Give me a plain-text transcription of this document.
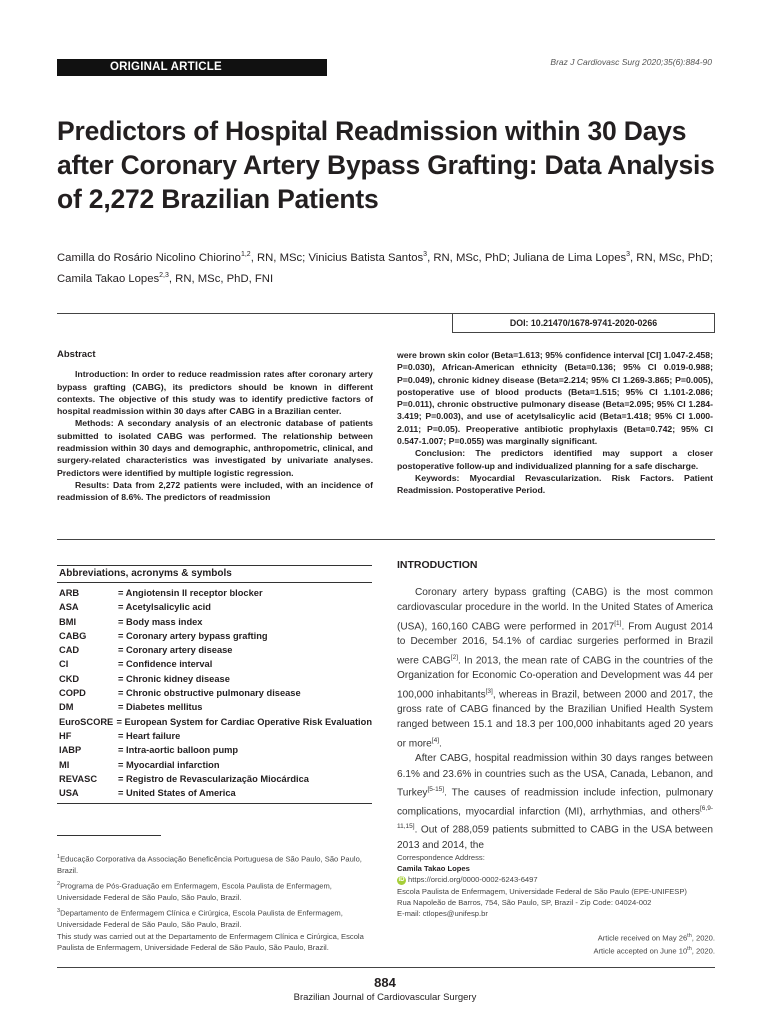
ORIGINAL ARTICLE	Braz J Cardiovasc Surg 2020;35(6):884-90
Predictors of Hospital Readmission within 30 Days after Coronary Artery Bypass Grafting: Data Analysis of 2,272 Brazilian Patients
Camilla do Rosário Nicolino Chiorino$^{1,2}$, RN, MSc; Vinicius Batista Santos$^3$, RN, MSc, PhD; Juliana de Lima Lopes$^3$, RN, MSc, PhD; Camila Takao Lopes$^{2,3}$, RN, MSc, PhD, FNI
DOI: 10.21470/1678-9741-2020-0266

Abstract

Introduction: In order to reduce readmission rates after coronary artery bypass grafting (CABG), its predictors should be known in different contexts. The objective of this study was to identify predictive factors of hospital readmission within 30 days after CABG in a Brazilian center.

Methods: A secondary analysis of an electronic database of patients submitted to isolated CABG was performed. The relationship between readmission within 30 days and demographic, anthropometric, clinical, and surgery-related characteristics was investigated by univariate analyses. Predictors were identified by multiple logistic regression.

Results: Data from 2,272 patients were included, with an incidence of readmission of 8.6%. The predictors of readmission

were brown skin color (Beta=1.613; 95% confidence interval [CI] 1.047-2.458; P=0.030), African-American ethnicity (Beta=0.136; 95% CI 0.019-0.988; P=0.049), chronic kidney disease (Beta=2.214; 95% CI 1.269-3.865; P=0.005), postoperative use of blood products (Beta=1.515; 95% CI 1.101-2.086; P=0.011), chronic obstructive pulmonary disease (Beta=2.095; 95% CI 1.284-3.419; P=0.003), and use of acetylsalicylic acid (Beta=1.418; 95% CI 1.000-2.011; P=0.05). Preoperative antibiotic prophylaxis (Beta=0.742; 95% CI 0.547-1.007; P=0.055) was marginally significant.

Conclusion: The predictors identified may support a closer postoperative follow-up and individualized planning for a safe discharge.

Keywords: Myocardial Revascularization. Risk Factors. Patient Readmission. Postoperative Period.

Abbreviations, acronyms & symbols
ARB	= Angiotensin II receptor blocker
ASA	= Acetylsalicylic acid
BMI	= Body mass index
CABG	= Coronary artery bypass grafting
CAD	= Coronary artery disease
CI	= Confidence interval
CKD	= Chronic kidney disease
COPD	= Chronic obstructive pulmonary disease
DM	= Diabetes mellitus
EuroSCORE = European System for Cardiac Operative Risk Evaluation
HF	= Heart failure
IABP	= Intra-aortic balloon pump
MI	= Myocardial infarction
REVASC	= Registro de Revascularização Miocárdica
USA	= United States of America
INTRODUCTION

Coronary artery bypass grafting (CABG) is the most common cardiovascular procedure in the world. In the United States of America (USA), 160,160 CABG were performed in 2017[1]. From August 2014 to December 2016, 54.1% of cardiac surgeries performed in Brazil were CABG[2]. In 2013, the mean rate of CABG in the countries of the Organization for Economic Co-operation and Development was 44 per 100,000 inhabitants[3], whereas in Brazil, between 2000 and 2017, the gross rate of CABG financed by the Brazilian Unified Health System ranged between 15.1 and 18.3 per 100,000 inhabitants aged 20 years or more[4].

After CABG, hospital readmission within 30 days ranges between 6.1% and 23.6% in countries such as the USA, Canada, Lebanon, and Turkey[5-15]. The causes of readmission include infection, pulmonary complications, myocardial infarction (MI), arrhythmias, and others[6,9-11,15]. Out of 288,059 patients submitted to CABG in the USA between 2013 and 2014, the

$^1$Educação Corporativa da Associação Beneficência Portuguesa de São Paulo, São Paulo, Brazil.

$^2$Programa de Pós-Graduação em Enfermagem, Escola Paulista de Enfermagem, Universidade Federal de São Paulo, São Paulo, Brazil.

$^3$Departamento de Enfermagem Clínica e Cirúrgica, Escola Paulista de Enfermagem, Universidade Federal de São Paulo, São Paulo, Brazil.

This study was carried out at the Departamento de Enfermagem Clínica e Cirúrgica, Escola Paulista de Enfermagem, Universidade Federal de São Paulo, São Paulo, Brazil.
Correspondence Address:
Camila Takao Lopes
iD https://orcid.org/0000-0002-6243-6497
Escola Paulista de Enfermagem, Universidade Federal de São Paulo (EPE-UNIFESP)
Rua Napoleão de Barros, 754, São Paulo, SP, Brazil - Zip Code: 04024-002
E-mail: ctlopes@unifesp.br
Article received on May 26th, 2020.
Article accepted on June 10th, 2020.
884
Brazilian Journal of Cardiovascular Surgery
